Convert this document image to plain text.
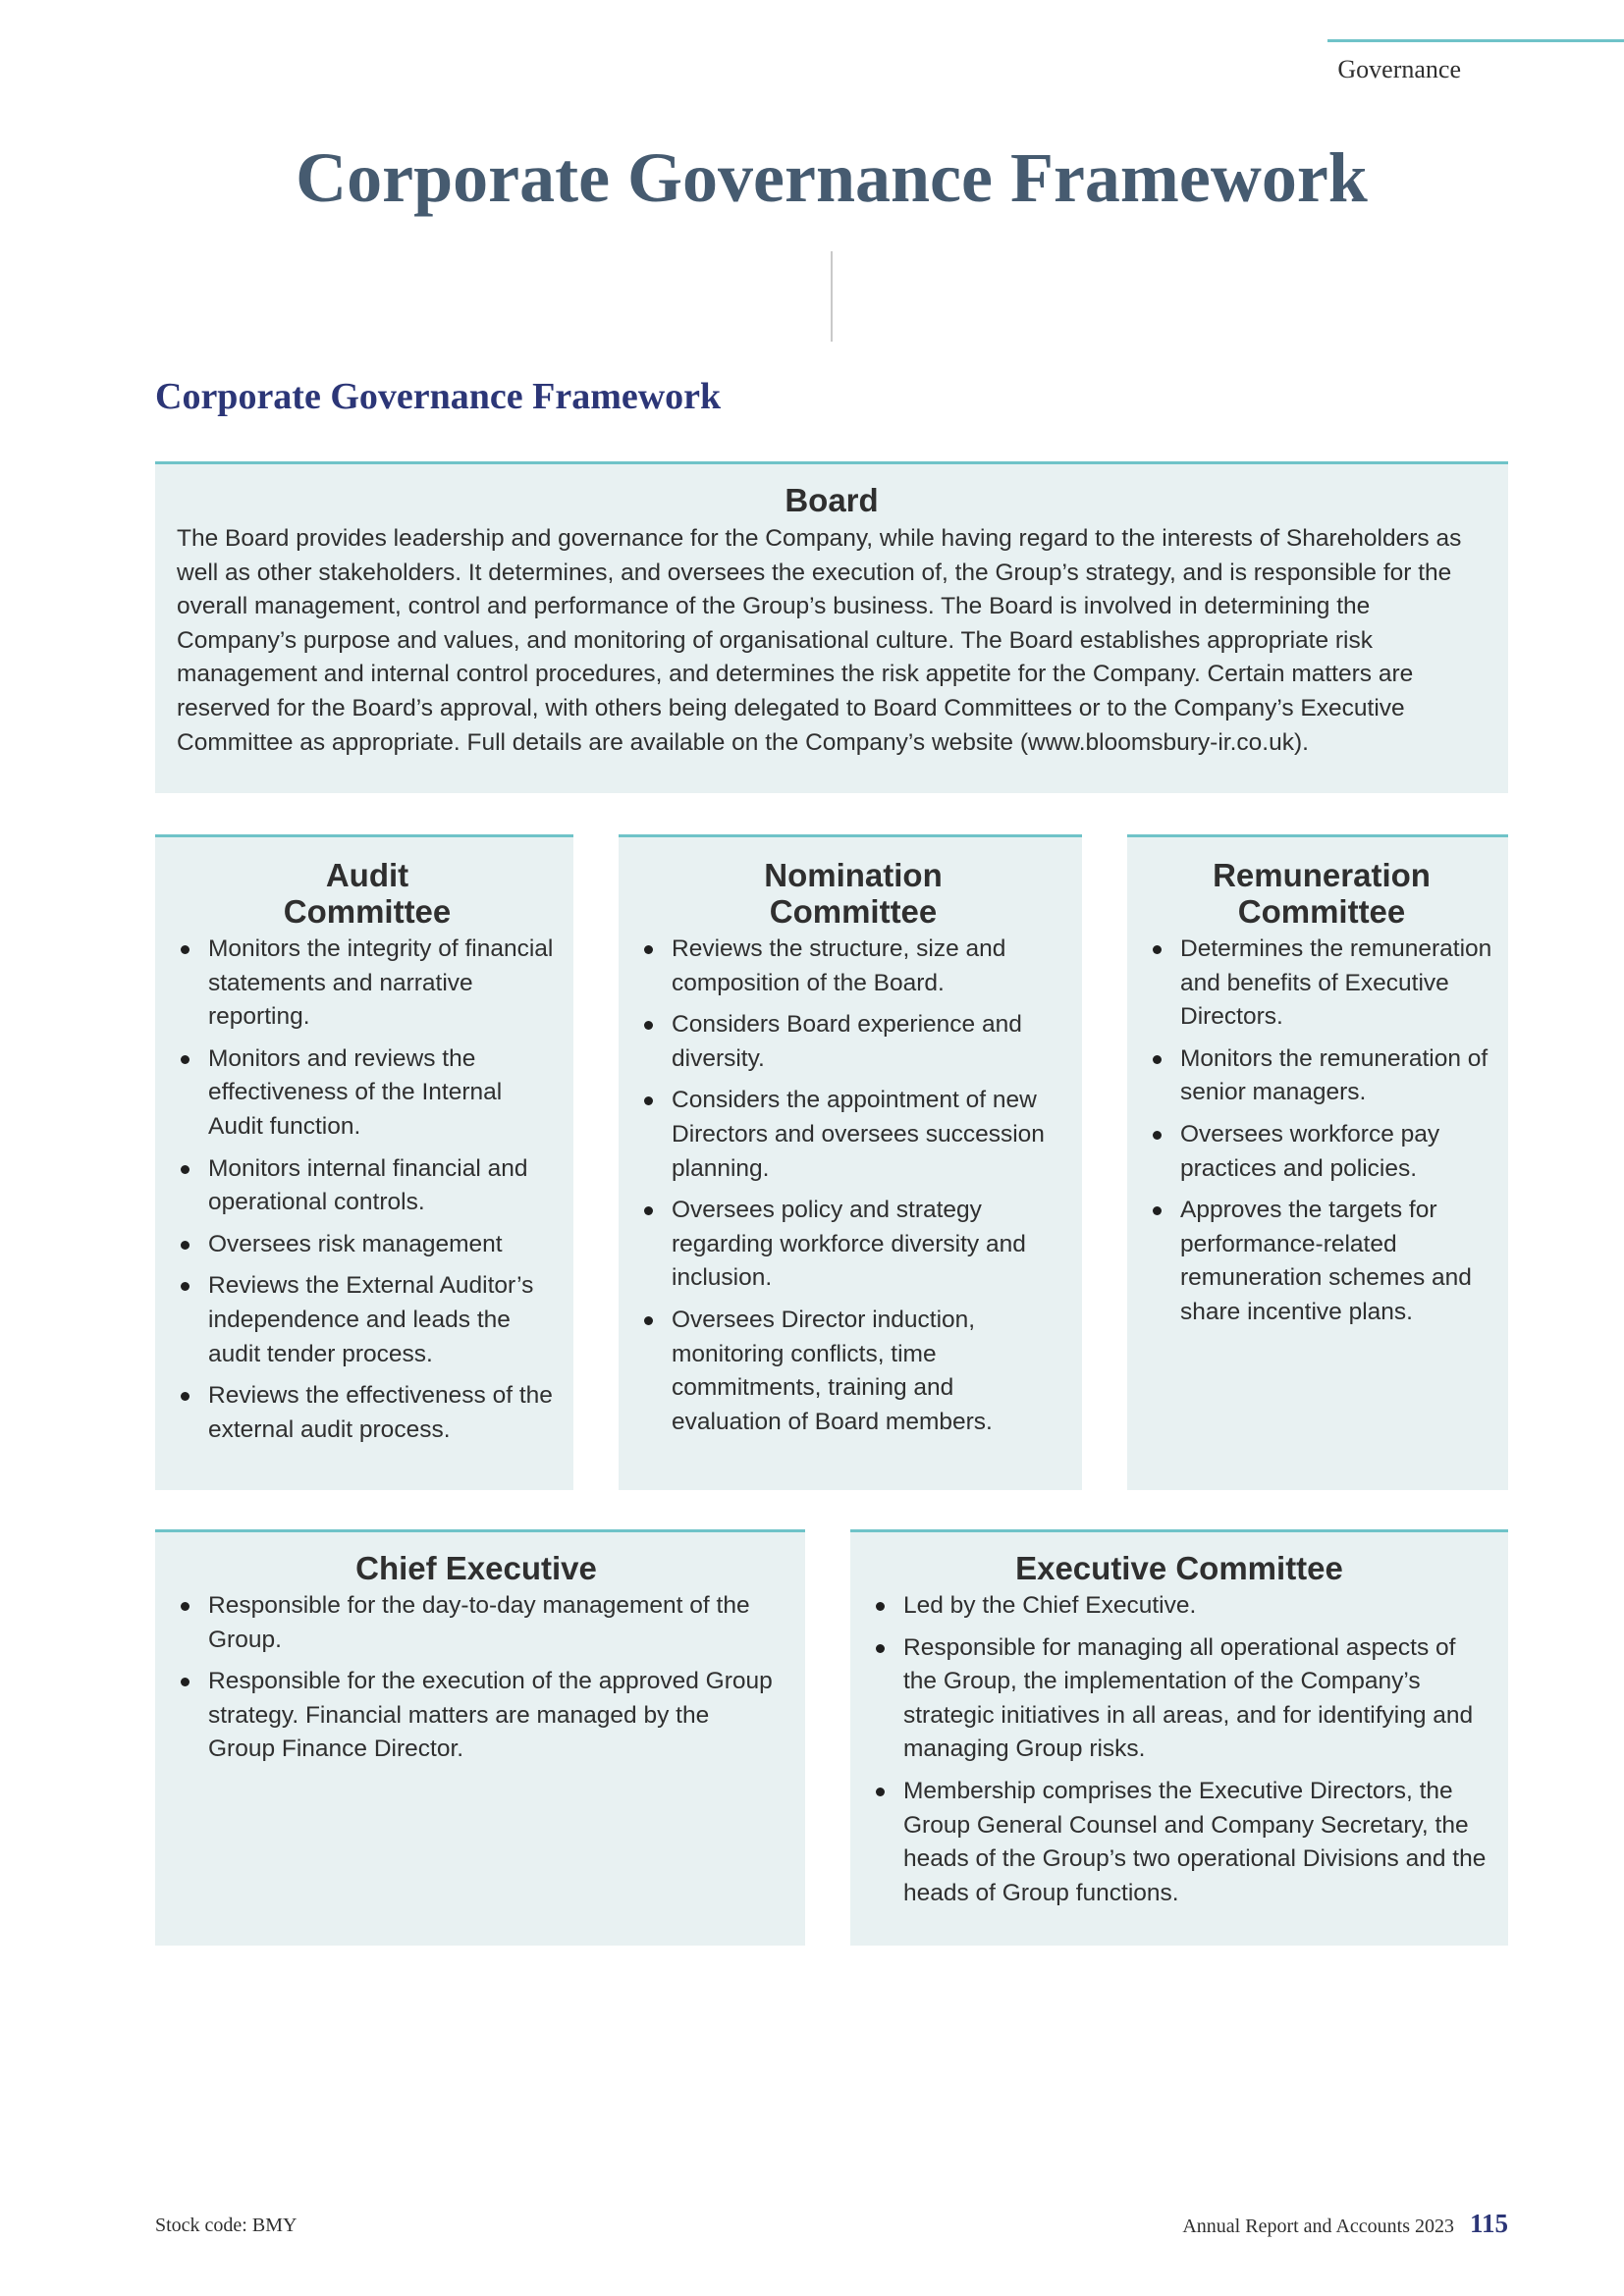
Governance
Corporate Governance Framework
Corporate Governance Framework
Board

The Board provides leadership and governance for the Company, while having regard to the interests of Shareholders as well as other stakeholders. It determines, and oversees the execution of, the Group’s strategy, and is responsible for the overall management, control and performance of the Group’s business. The Board is involved in determining the Company’s purpose and values, and monitoring of organisational culture. The Board establishes appropriate risk management and internal control procedures, and determines the risk appetite for the Company. Certain matters are reserved for the Board’s approval, with others being delegated to Board Committees or to the Company’s Executive Committee as appropriate. Full details are available on the Company’s website (www.bloomsbury-ir.co.uk).

Audit
Committee
Monitors the integrity of financial statements and narrative reporting.
Monitors and reviews the effectiveness of the Internal Audit function.
Monitors internal financial and operational controls.
Oversees risk management
Reviews the External Auditor’s independence and leads the audit tender process.
Reviews the effectiveness of the external audit process.
Nomination
Committee
Reviews the structure, size and composition of the Board.
Considers Board experience and diversity.
Considers the appointment of new Directors and oversees succession planning.
Oversees policy and strategy regarding workforce diversity and inclusion.
Oversees Director induction, monitoring conflicts, time commitments, training and evaluation of Board members.
Remuneration
Committee
Determines the remuneration and benefits of Executive Directors.
Monitors the remuneration of senior managers.
Oversees workforce pay practices and policies.
Approves the targets for performance-related remuneration schemes and share incentive plans.
Chief Executive
Responsible for the day-to-day management of the Group.
Responsible for the execution of the approved Group strategy. Financial matters are managed by the Group Finance Director.
Executive Committee
Led by the Chief Executive.
Responsible for managing all operational aspects of the Group, the implementation of the Company’s strategic initiatives in all areas, and for identifying and managing Group risks.
Membership comprises the Executive Directors, the Group General Counsel and Company Secretary, the heads of the Group’s two operational Divisions and the heads of Group functions.
Stock code: BMY	Annual Report and Accounts 2023 115
